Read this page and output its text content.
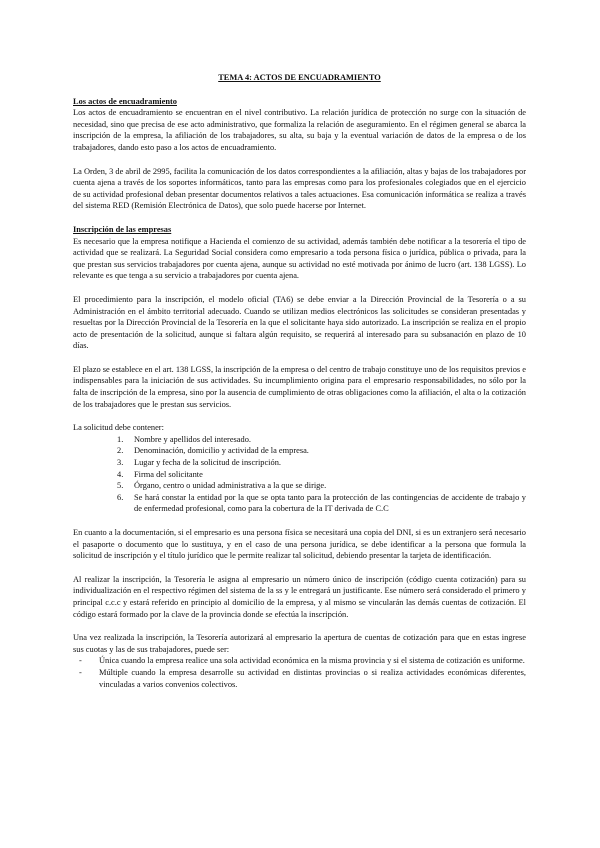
TEMA 4: ACTOS DE ENCUADRAMIENTO
Los actos de encuadramiento

Los actos de encuadramiento se encuentran en el nivel contributivo. La relación jurídica de protección no surge con la situación de necesidad, sino que precisa de ese acto administrativo, que formaliza la relación de aseguramiento. En el régimen general se abarca la inscripción de la empresa, la afiliación de los trabajadores, su alta, su baja y la eventual variación de datos de la empresa o de los trabajadores, dando esto paso a los actos de encuadramiento.

La Orden, 3 de abril de 2995, facilita la comunicación de los datos correspondientes a la afiliación, altas y bajas de los trabajadores por cuenta ajena a través de los soportes informáticos, tanto para las empresas como para los profesionales colegiados que en el ejercicio de su actividad profesional deban presentar documentos relativos a tales actuaciones. Esa comunicación informática se realiza a través del sistema RED (Remisión Electrónica de Datos), que solo puede hacerse por Internet.

Inscripción de las empresas

Es necesario que la empresa notifique a Hacienda el comienzo de su actividad, además también debe notificar a la tesorería el tipo de actividad que se realizará. La Seguridad Social considera como empresario a toda persona física o jurídica, pública o privada, para la que prestan sus servicios trabajadores por cuenta ajena, aunque su actividad no esté motivada por ánimo de lucro (art. 138 LGSS). Lo relevante es que tenga a su servicio a trabajadores por cuenta ajena.

El procedimiento para la inscripción, el modelo oficial (TA6) se debe enviar a la Dirección Provincial de la Tesorería o a su Administración en el ámbito territorial adecuado. Cuando se utilizan medios electrónicos las solicitudes se consideran presentadas y resueltas por la Dirección Provincial de la Tesorería en la que el solicitante haya sido autorizado. La inscripción se realiza en el propio acto de presentación de la solicitud, aunque si faltara algún requisito, se requerirá al interesado para su subsanación en plazo de 10 días.

El plazo se establece en el art. 138 LGSS, la inscripción de la empresa o del centro de trabajo constituye uno de los requisitos previos e indispensables para la iniciación de sus actividades. Su incumplimiento origina para el empresario responsabilidades, no sólo por la falta de inscripción de la empresa, sino por la ausencia de cumplimiento de otras obligaciones como la afiliación, el alta o la cotización de los trabajadores que le prestan sus servicios.

La solicitud debe contener:

1. Nombre y apellidos del interesado.
2. Denominación, domicilio y actividad de la empresa.
3. Lugar y fecha de la solicitud de inscripción.
4. Firma del solicitante
5. Órgano, centro o unidad administrativa a la que se dirige.
6. Se hará constar la entidad por la que se opta tanto para la protección de las contingencias de accidente de trabajo y de enfermedad profesional, como para la cobertura de la IT derivada de C.C

En cuanto a la documentación, si el empresario es una persona física se necesitará una copia del DNI, si es un extranjero será necesario el pasaporte o documento que lo sustituya, y en el caso de una persona jurídica, se debe identificar a la persona que formula la solicitud de inscripción y el título jurídico que le permite realizar tal solicitud, debiendo presentar la tarjeta de identificación.

Al realizar la inscripción, la Tesorería le asigna al empresario un número único de inscripción (código cuenta cotización) para su individualización en el respectivo régimen del sistema de la ss y le entregará un justificante. Ese número será considerado el primero y principal c.c.c y estará referido en principio al domicilio de la empresa, y al mismo se vincularán las demás cuentas de cotización. El código estará formado por la clave de la provincia donde se efectúa la inscripción.

Una vez realizada la inscripción, la Tesorería autorizará al empresario la apertura de cuentas de cotización para que en estas ingrese sus cuotas y las de sus trabajadores, puede ser:

- Única cuando la empresa realice una sola actividad económica en la misma provincia y si el sistema de cotización es uniforme.
- Múltiple cuando la empresa desarrolle su actividad en distintas provincias o si realiza actividades económicas diferentes, vinculadas a varios convenios colectivos.
